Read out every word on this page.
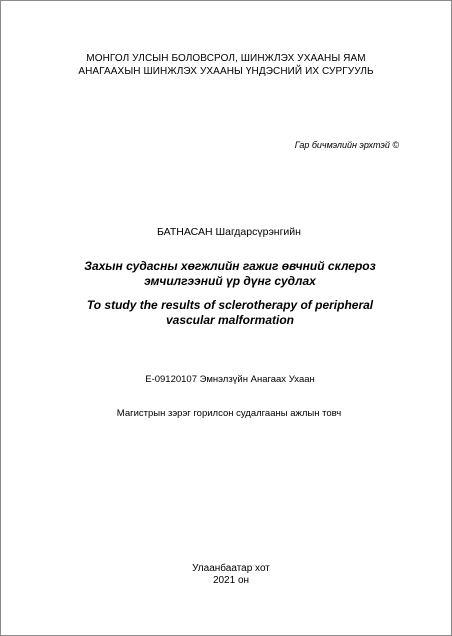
МОНГОЛ УЛСЫН БОЛОВСРОЛ, ШИНЖЛЭХ УХААНЫ ЯАМ
АНАГААХЫН ШИНЖЛЭХ УХААНЫ ҮНДЭСНИЙ ИХ СУРГУУЛЬ
Гар бичмэлийн эрхтэй ©
БАТНАСАН Шагдарсүрэнгийн
Захын судасны хөгжлийн гажиг өвчний склероз
эмчилгээний үр дүнг судлах
To study the results of sclerotherapy of peripheral
vascular malformation
E-09120107 Эмнэлзүйн Анагаах Ухаан
Магистрын зэрэг горилсон судалгааны ажлын товч
Улаанбаатар хот
2021 он
